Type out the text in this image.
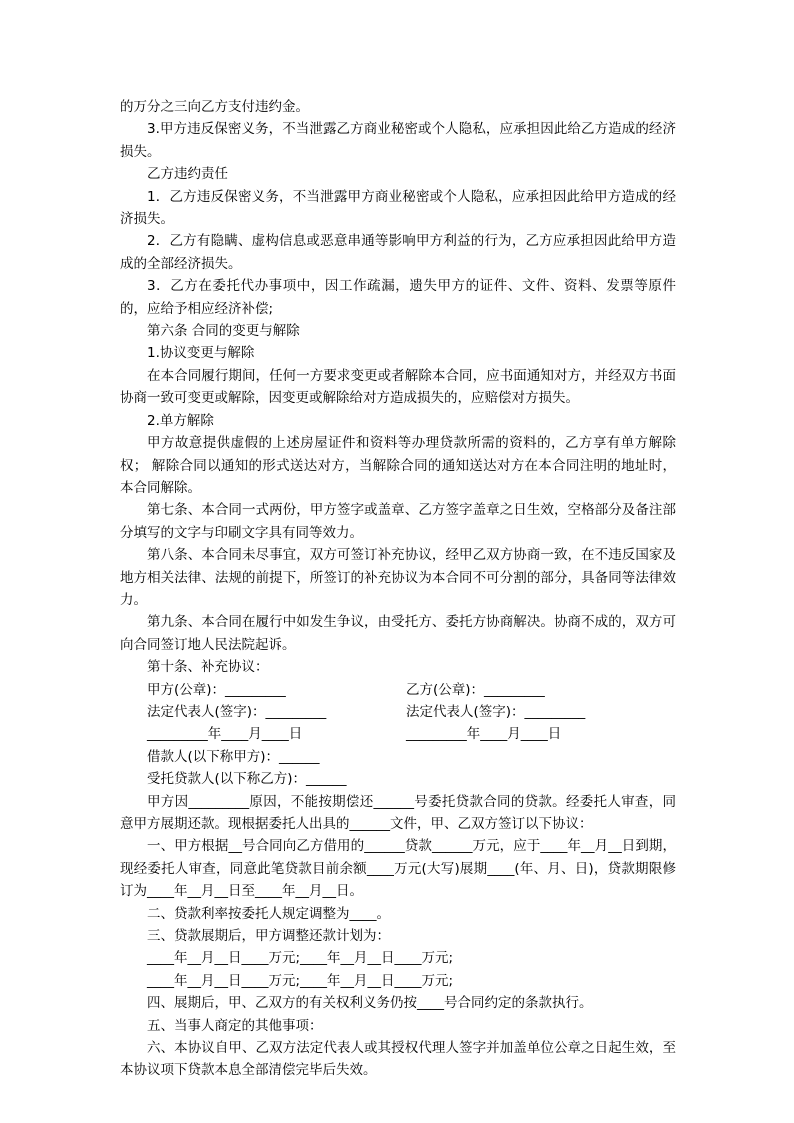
的万分之三向乙方支付违约金。

3.甲方违反保密义务，不当泄露乙方商业秘密或个人隐私，应承担因此给乙方造成的经济损失。

乙方违约责任

1．乙方违反保密义务，不当泄露甲方商业秘密或个人隐私，应承担因此给甲方造成的经济损失。

2．乙方有隐瞒、虚构信息或恶意串通等影响甲方利益的行为，乙方应承担因此给甲方造成的全部经济损失。

3．乙方在委托代办事项中，因工作疏漏，遗失甲方的证件、文件、资料、发票等原件的，应给予相应经济补偿;

第六条 合同的变更与解除

1.协议变更与解除

在本合同履行期间，任何一方要求变更或者解除本合同，应书面通知对方，并经双方书面协商一致可变更或解除，因变更或解除给对方造成损失的，应赔偿对方损失。

2.单方解除

甲方故意提供虚假的上述房屋证件和资料等办理贷款所需的资料的，乙方享有单方解除权； 解除合同以通知的形式送达对方，当解除合同的通知送达对方在本合同注明的地址时，本合同解除。

第七条、本合同一式两份，甲方签字或盖章、乙方签字盖章之日生效，空格部分及备注部分填写的文字与印刷文字具有同等效力。

第八条、本合同未尽事宜，双方可签订补充协议，经甲乙双方协商一致，在不违反国家及地方相关法律、法规的前提下，所签订的补充协议为本合同不可分割的部分，具备同等法律效力。

第九条、本合同在履行中如发生争议，由受托方、委托方协商解决。协商不成的，双方可向合同签订地人民法院起诉。

第十条、补充协议：

甲方(公章)：_________	乙方(公章)：_________
法定代表人(签字)：_________	法定代表人(签字)：_________
_________年____月____日	_________年____月____日
借款人(以下称甲方)：______
受托贷款人(以下称乙方)：______

甲方因_________原因，不能按期偿还______号委托贷款合同的贷款。经委托人审查，同意甲方展期还款。现根据委托人出具的______文件，甲、乙双方签订以下协议：

一、甲方根据__号合同向乙方借用的______贷款______万元，应于____年__月__日到期，现经委托人审查，同意此笔贷款目前余额____万元(大写)展期____(年、月、日)，贷款期限修订为____年__月__日至____年__月__日。

二、贷款利率按委托人规定调整为____。

三、贷款展期后，甲方调整还款计划为：

____年__月__日____万元;____年__月__日____万元;

____年__月__日____万元;____年__月__日____万元;

四、展期后，甲、乙双方的有关权利义务仍按____号合同约定的条款执行。

五、当事人商定的其他事项：

六、本协议自甲、乙双方法定代表人或其授权代理人签字并加盖单位公章之日起生效，至本协议项下贷款本息全部清偿完毕后失效。
